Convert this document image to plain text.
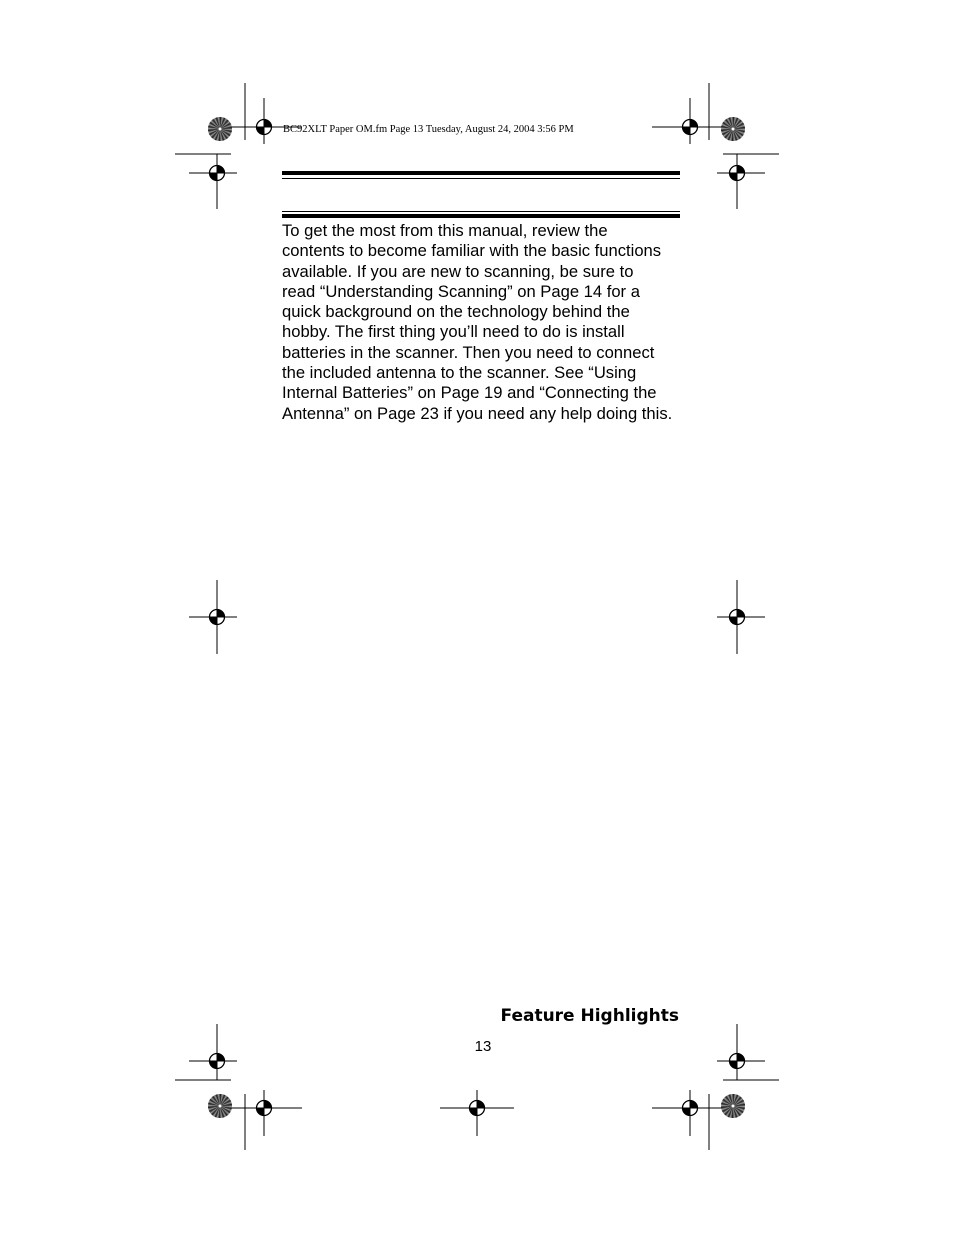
BC92XLT Paper OM.fm Page 13 Tuesday, August 24, 2004 3:56 PM
To get the most from this manual, review the
contents to become familiar with the basic functions
available. If you are new to scanning, be sure to
read “Understanding Scanning” on Page 14 for a
quick background on the technology behind the
hobby. The first thing you’ll need to do is install
batteries in the scanner. Then you need to connect
the included antenna to the scanner. See “Using
Internal Batteries” on Page 19 and “Connecting the
Antenna” on Page 23 if you need any help doing this.
Feature Highlights
13
